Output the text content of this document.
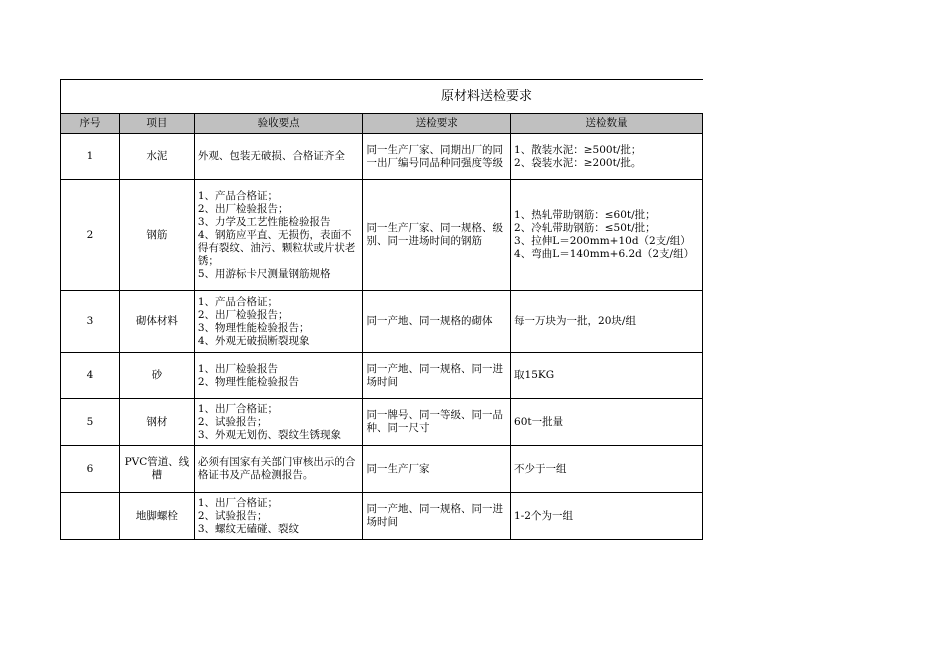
原材料送检要求				
序号	项目	验收要点	送检要求	送检数量
1	水泥	外观、包装无破损、合格证齐全	同一生产厂家、同期出厂的同一出厂编号同品种同强度等级	1、散装水泥：≥500t/批；
2、袋装水泥：≥200t/批。
2	钢筋	1、产品合格证；
2、出厂检验报告；
3、力学及工艺性能检验报告
4、钢筋应平直、无损伤，表面不得有裂纹、油污、颗粒状或片状老锈；
5、用游标卡尺测量钢筋规格	同一生产厂家、同一规格、级别、同一进场时间的钢筋	1、热轧带助钢筋：≤60t/批；
2、冷轧带助钢筋：≤50t/批；
3、拉伸L＝200mm+10d（2支/组）
4、弯曲L＝140mm+6.2d（2支/组）
3	砌体材料	1、产品合格证；
2、出厂检验报告；
3、物理性能检验报告；
4、外观无破损断裂现象	同一产地、同一规格的砌体	每一万块为一批，20块/组
4	砂	1、出厂检验报告
2、物理性能检验报告	同一产地、同一规格、同一进场时间	取15KG
5	钢材	1、出厂合格证；
2、试验报告；
3、外观无划伤、裂纹生锈现象	同一牌号、同一等级、同一品种、同一尺寸	60t一批量
6	PVC管道、线槽	必须有国家有关部门审核出示的合格证书及产品检测报告。	同一生产厂家	不少于一组
	地脚螺栓	1、出厂合格证；
2、试验报告；
3、螺纹无磕碰、裂纹	同一产地、同一规格、同一进场时间	1-2个为一组
